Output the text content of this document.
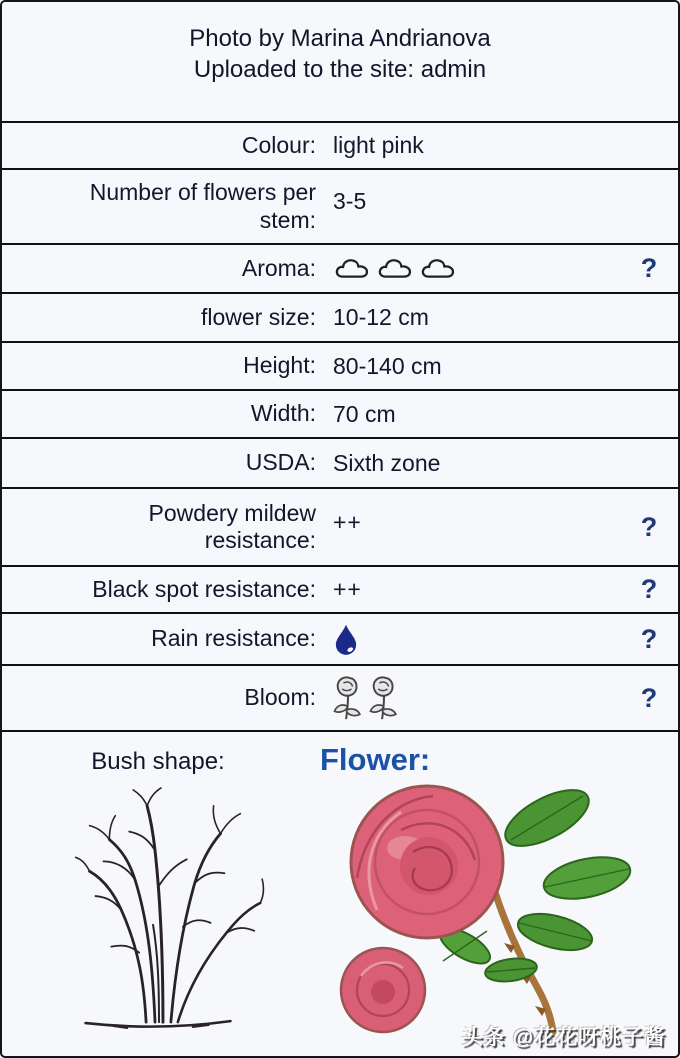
Photo by Marina Andrianova
Uploaded to the site: admin
Colour: light pink
Number of flowers per stem:
3-5
Aroma:	?
flower size: 10-12 cm
Height: 80-140 cm
Width: 70 cm
USDA: Sixth zone
Powdery mildew resistance:
++	?
Black spot resistance: ++	?
Rain resistance:	?
Bloom:	?
Bush shape:	Flower:
头条 @花花呀桃子酱
